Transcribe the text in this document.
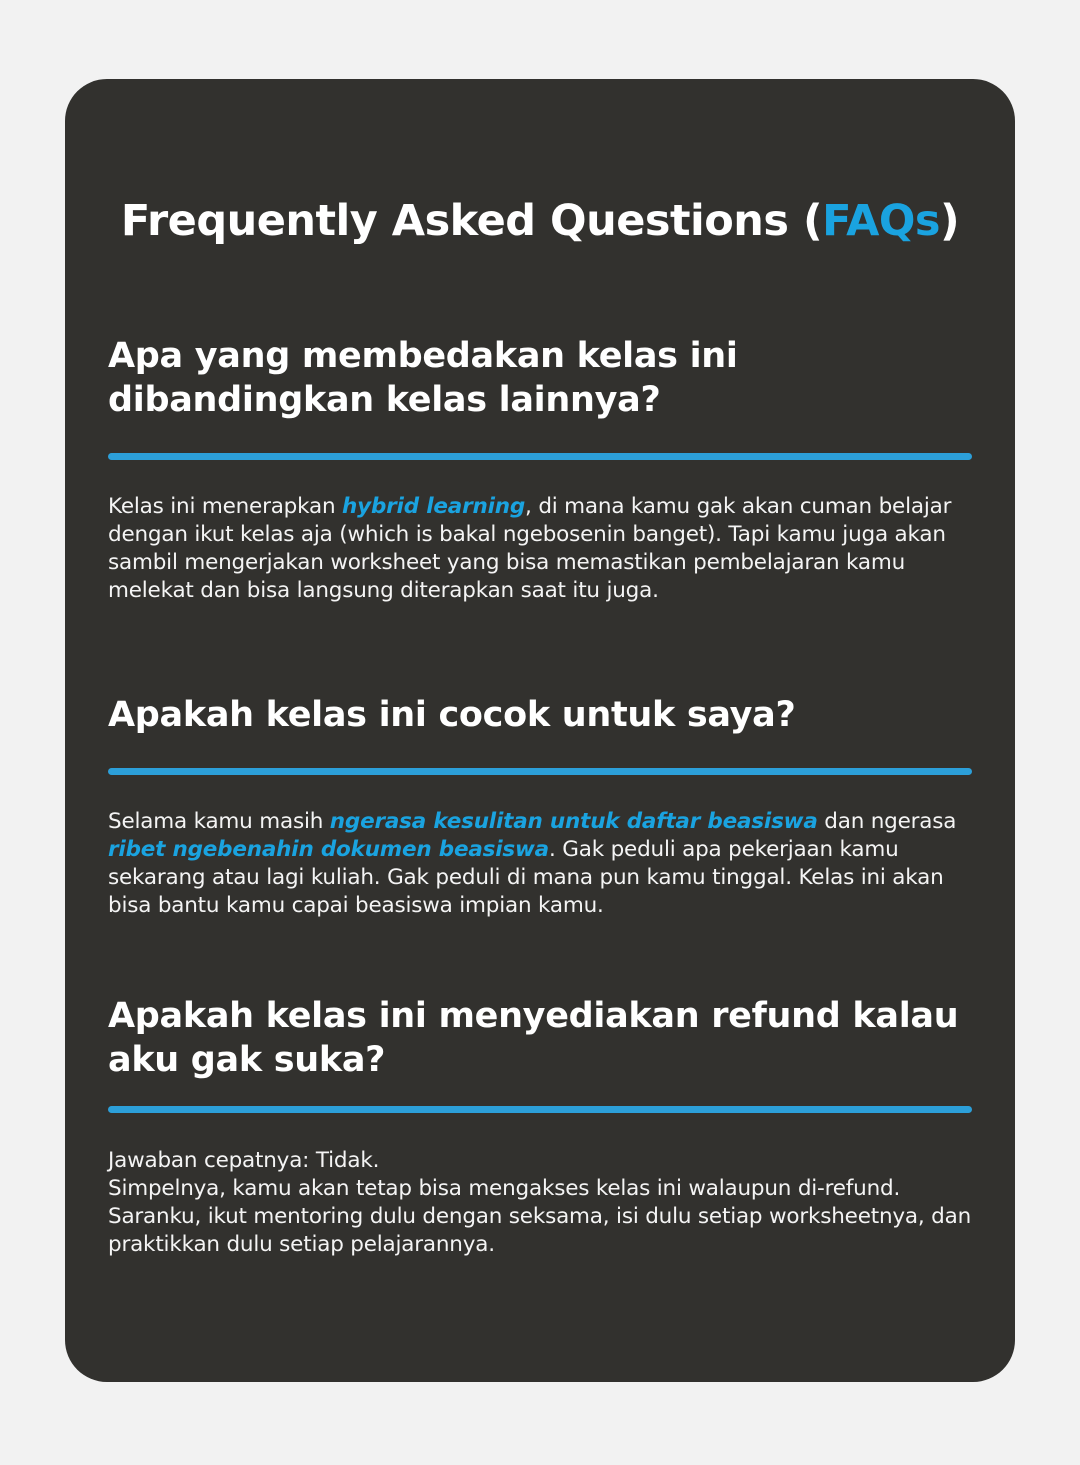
Frequently Asked Questions (FAQs)
Apa yang membedakan kelas ini dibandingkan kelas lainnya?

Kelas ini menerapkan hybrid learning, di mana kamu gak akan cuman belajar dengan ikut kelas aja (which is bakal ngebosenin banget). Tapi kamu juga akan sambil mengerjakan worksheet yang bisa memastikan pembelajaran kamu melekat dan bisa langsung diterapkan saat itu juga.

Apakah kelas ini cocok untuk saya?

Selama kamu masih ngerasa kesulitan untuk daftar beasiswa dan ngerasa ribet ngebenahin dokumen beasiswa. Gak peduli apa pekerjaan kamu sekarang atau lagi kuliah. Gak peduli di mana pun kamu tinggal. Kelas ini akan bisa bantu kamu capai beasiswa impian kamu.

Apakah kelas ini menyediakan refund kalau aku gak suka?

Jawaban cepatnya: Tidak.
Simpelnya, kamu akan tetap bisa mengakses kelas ini walaupun di-refund. Saranku, ikut mentoring dulu dengan seksama, isi dulu setiap worksheetnya, dan praktikkan dulu setiap pelajarannya.
